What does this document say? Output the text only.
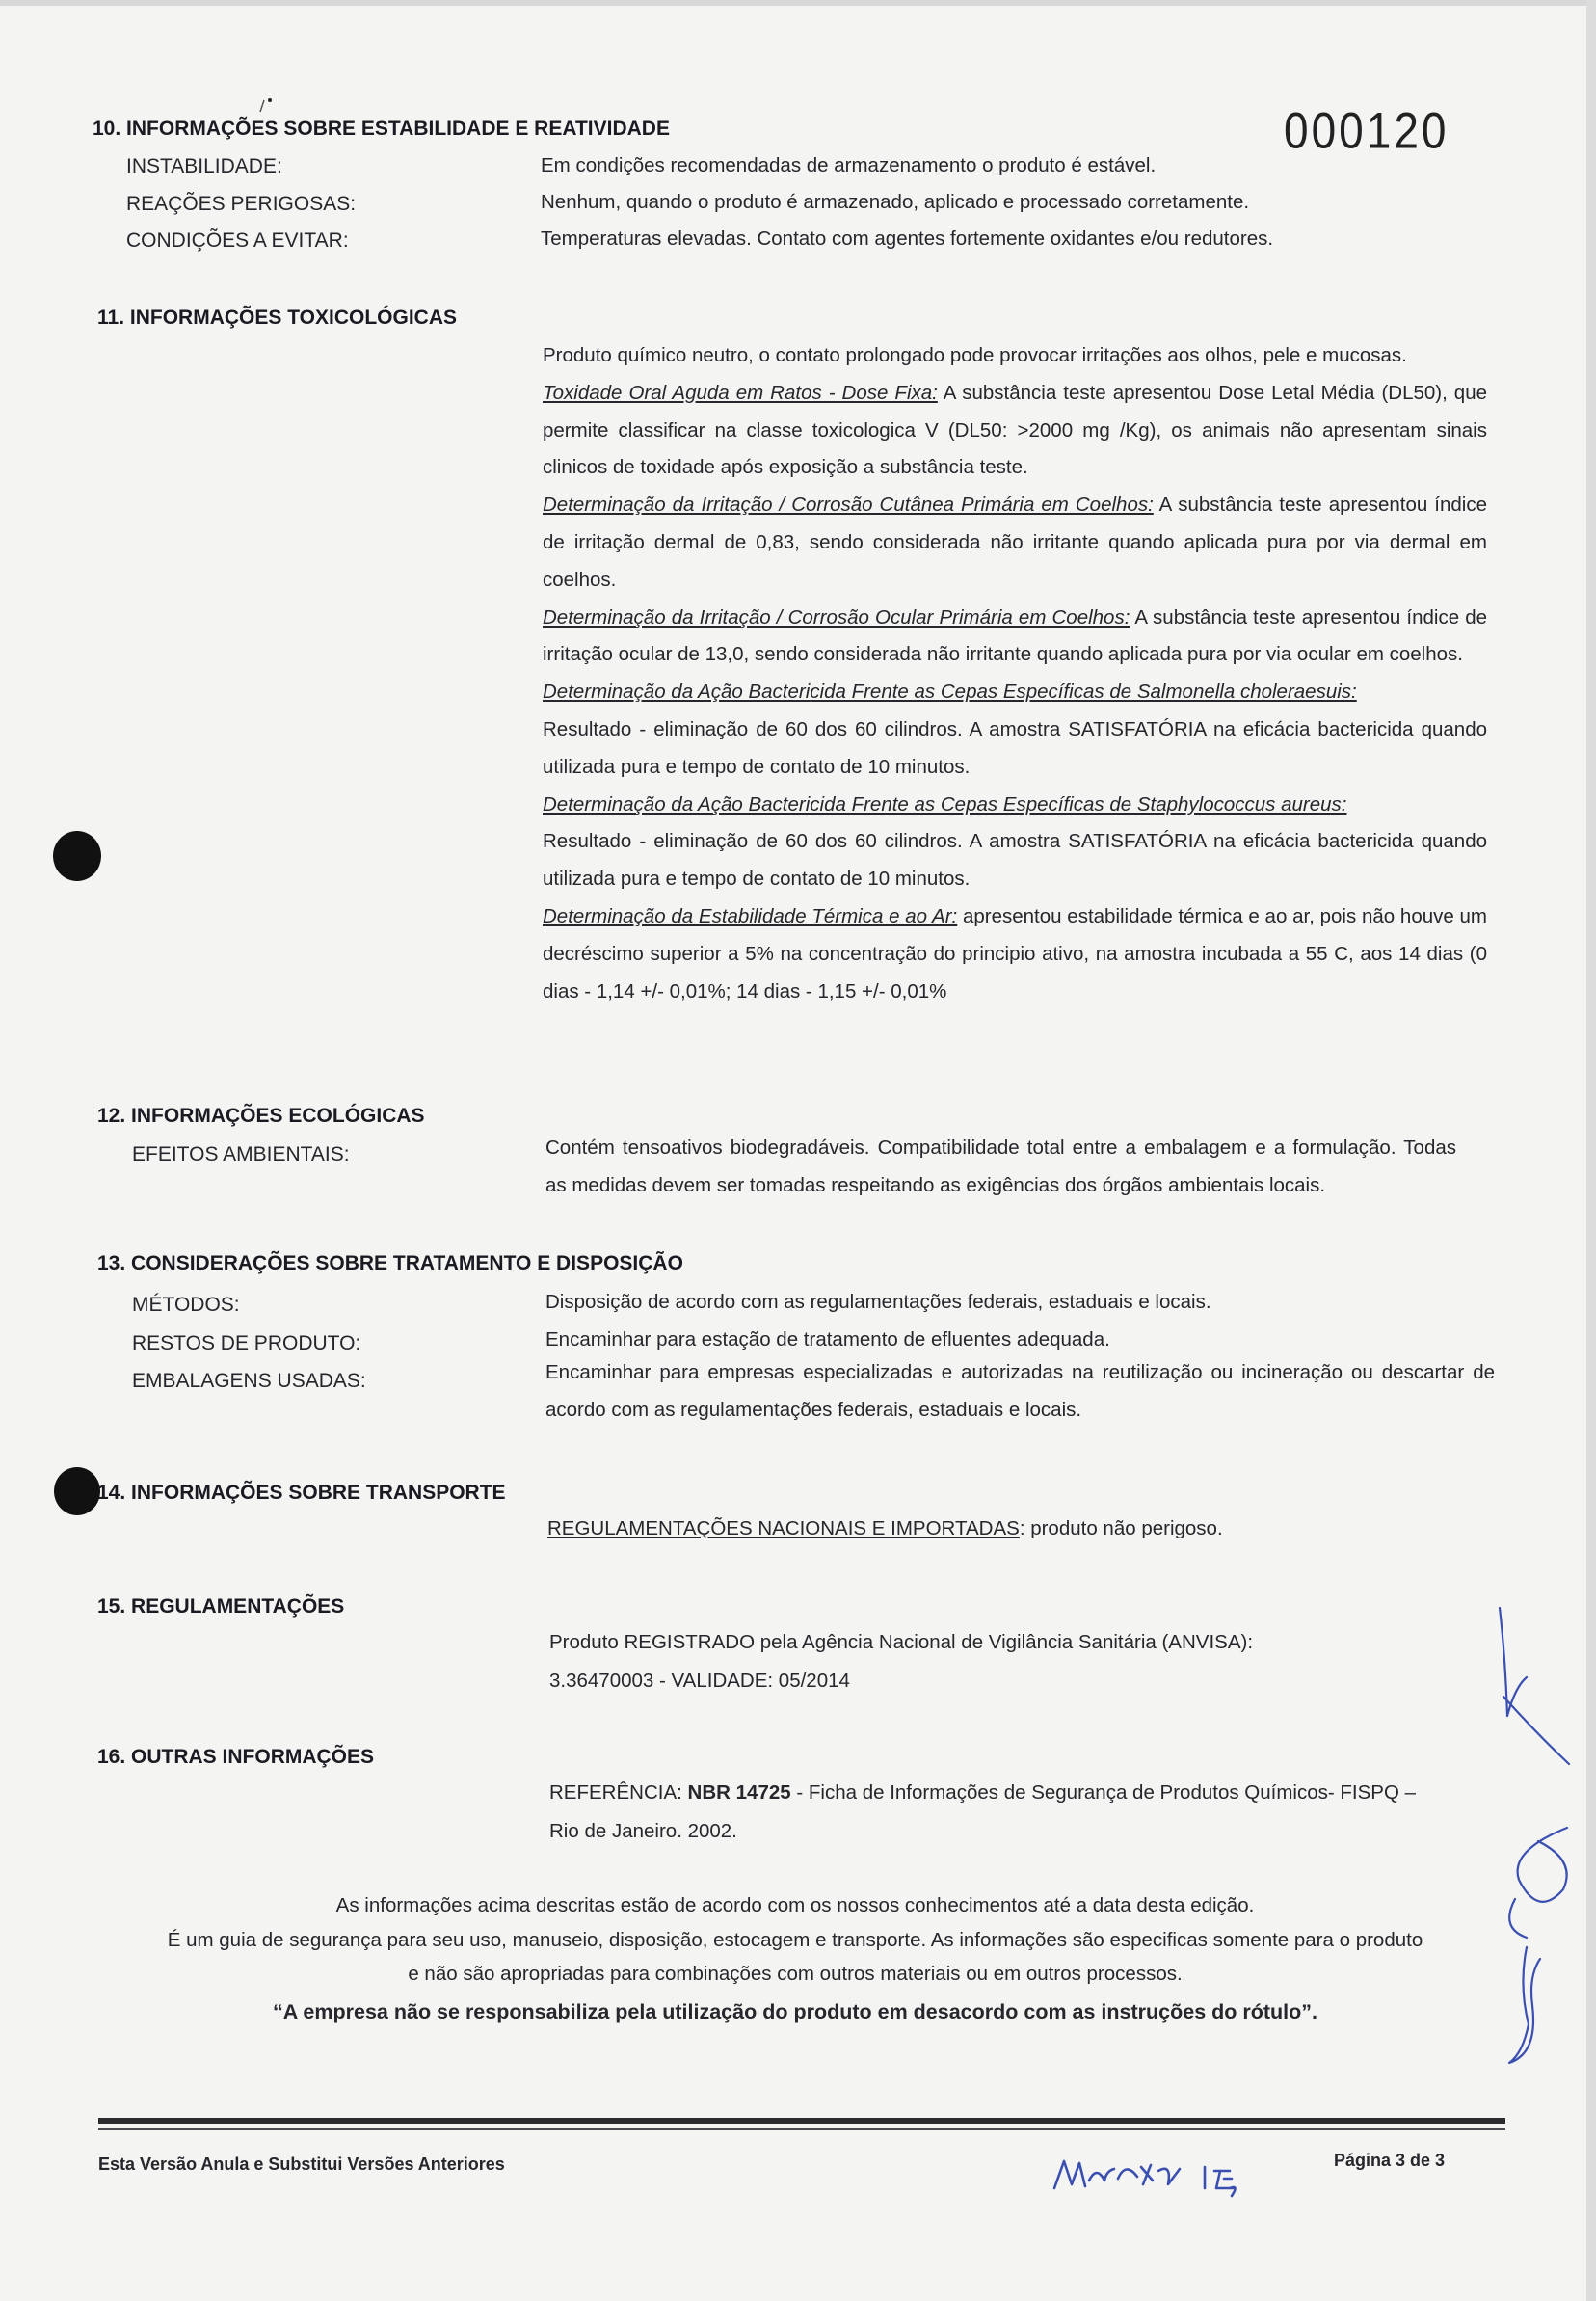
000120
10. INFORMAÇÕES SOBRE ESTABILIDADE E REATIVIDADE
INSTABILIDADE:	Em condições recomendadas de armazenamento o produto é estável.
REAÇÕES PERIGOSAS:	Nenhum, quando o produto é armazenado, aplicado e processado corretamente.
CONDIÇÕES A EVITAR:	Temperaturas elevadas. Contato com agentes fortemente oxidantes e/ou redutores.
11. INFORMAÇÕES TOXICOLÓGICAS

Produto químico neutro, o contato prolongado pode provocar irritações aos olhos, pele e mucosas.

Toxidade Oral Aguda em Ratos - Dose Fixa: A substância teste apresentou Dose Letal Média (DL50), que permite classificar na classe toxicologica V (DL50: >2000 mg /Kg), os animais não apresentam sinais clinicos de toxidade após exposição a substância teste.

Determinação da Irritação / Corrosão Cutânea Primária em Coelhos: A substância teste apresentou índice de irritação dermal de 0,83, sendo considerada não irritante quando aplicada pura por via dermal em coelhos.

Determinação da Irritação / Corrosão Ocular Primária em Coelhos: A substância teste apresentou índice de irritação ocular de 13,0, sendo considerada não irritante quando aplicada pura por via ocular em coelhos.

Determinação da Ação Bactericida Frente as Cepas Específicas de Salmonella choleraesuis:
Resultado - eliminação de 60 dos 60 cilindros. A amostra SATISFATÓRIA na eficácia bactericida quando utilizada pura e tempo de contato de 10 minutos.

Determinação da Ação Bactericida Frente as Cepas Específicas de Staphylococcus aureus:
Resultado - eliminação de 60 dos 60 cilindros. A amostra SATISFATÓRIA na eficácia bactericida quando utilizada pura e tempo de contato de 10 minutos.

Determinação da Estabilidade Térmica e ao Ar: apresentou estabilidade térmica e ao ar, pois não houve um decréscimo superior a 5% na concentração do principio ativo, na amostra incubada a 55 C, aos 14 dias (0 dias - 1,14 +/- 0,01%; 14 dias - 1,15 +/- 0,01%

12. INFORMAÇÕES ECOLÓGICAS
EFEITOS AMBIENTAIS:	Contém tensoativos biodegradáveis. Compatibilidade total entre a embalagem e a formulação. Todas as medidas devem ser tomadas respeitando as exigências dos órgãos ambientais locais.
13. CONSIDERAÇÕES SOBRE TRATAMENTO E DISPOSIÇÃO
MÉTODOS:	Disposição de acordo com as regulamentações federais, estaduais e locais.
RESTOS DE PRODUTO:	Encaminhar para estação de tratamento de efluentes adequada.
EMBALAGENS USADAS:	Encaminhar para empresas especializadas e autorizadas na reutilização ou incineração ou descartar de acordo com as regulamentações federais, estaduais e locais.
14. INFORMAÇÕES SOBRE TRANSPORTE
REGULAMENTAÇÕES NACIONAIS E IMPORTADAS: produto não perigoso.
15. REGULAMENTAÇÕES
Produto REGISTRADO pela Agência Nacional de Vigilância Sanitária (ANVISA):
3.36470003 - VALIDADE: 05/2014
16. OUTRAS INFORMAÇÕES
REFERÊNCIA: NBR 14725 - Ficha de Informações de Segurança de Produtos Químicos- FISPQ –
Rio de Janeiro. 2002.

As informações acima descritas estão de acordo com os nossos conhecimentos até a data desta edição.

É um guia de segurança para seu uso, manuseio, disposição, estocagem e transporte. As informações são especificas somente para o produto

e não são apropriadas para combinações com outros materiais ou em outros processos.

“A empresa não se responsabiliza pela utilização do produto em desacordo com as instruções do rótulo”.

Esta Versão Anula e Substitui Versões Anteriores	Página 3 de 3
